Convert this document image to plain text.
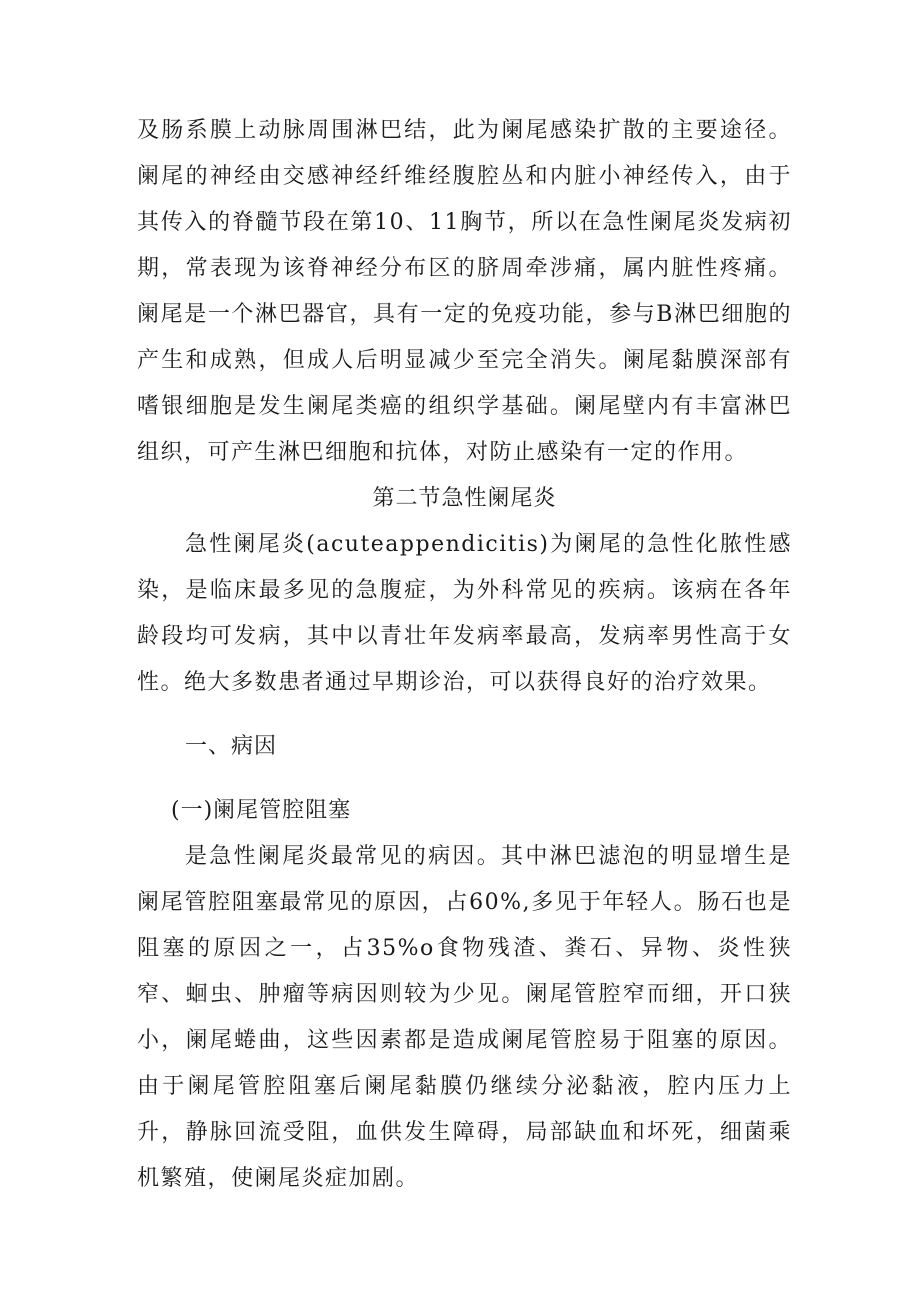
及肠系膜上动脉周围淋巴结，此为阑尾感染扩散的主要途径。阑尾的神经由交感神经纤维经腹腔丛和内脏小神经传入，由于其传入的脊髓节段在第10、11胸节，所以在急性阑尾炎发病初期，常表现为该脊神经分布区的脐周牵涉痛，属内脏性疼痛。阑尾是一个淋巴器官，具有一定的免疫功能，参与B淋巴细胞的产生和成熟，但成人后明显减少至完全消失。阑尾黏膜深部有嗜银细胞是发生阑尾类癌的组织学基础。阑尾壁内有丰富淋巴组织，可产生淋巴细胞和抗体，对防止感染有一定的作用。

第二节急性阑尾炎

急性阑尾炎(acuteappendicitis)为阑尾的急性化脓性感染，是临床最多见的急腹症，为外科常见的疾病。该病在各年龄段均可发病，其中以青壮年发病率最高，发病率男性高于女性。绝大多数患者通过早期诊治，可以获得良好的治疗效果。

一、病因

(一)阑尾管腔阻塞

是急性阑尾炎最常见的病因。其中淋巴滤泡的明显增生是阑尾管腔阻塞最常见的原因，占60%,多见于年轻人。肠石也是阻塞的原因之一，占35%o食物残渣、粪石、异物、炎性狭窄、蛔虫、肿瘤等病因则较为少见。阑尾管腔窄而细，开口狭小，阑尾蜷曲，这些因素都是造成阑尾管腔易于阻塞的原因。由于阑尾管腔阻塞后阑尾黏膜仍继续分泌黏液，腔内压力上升，静脉回流受阻，血供发生障碍，局部缺血和坏死，细菌乘机繁殖，使阑尾炎症加剧。
